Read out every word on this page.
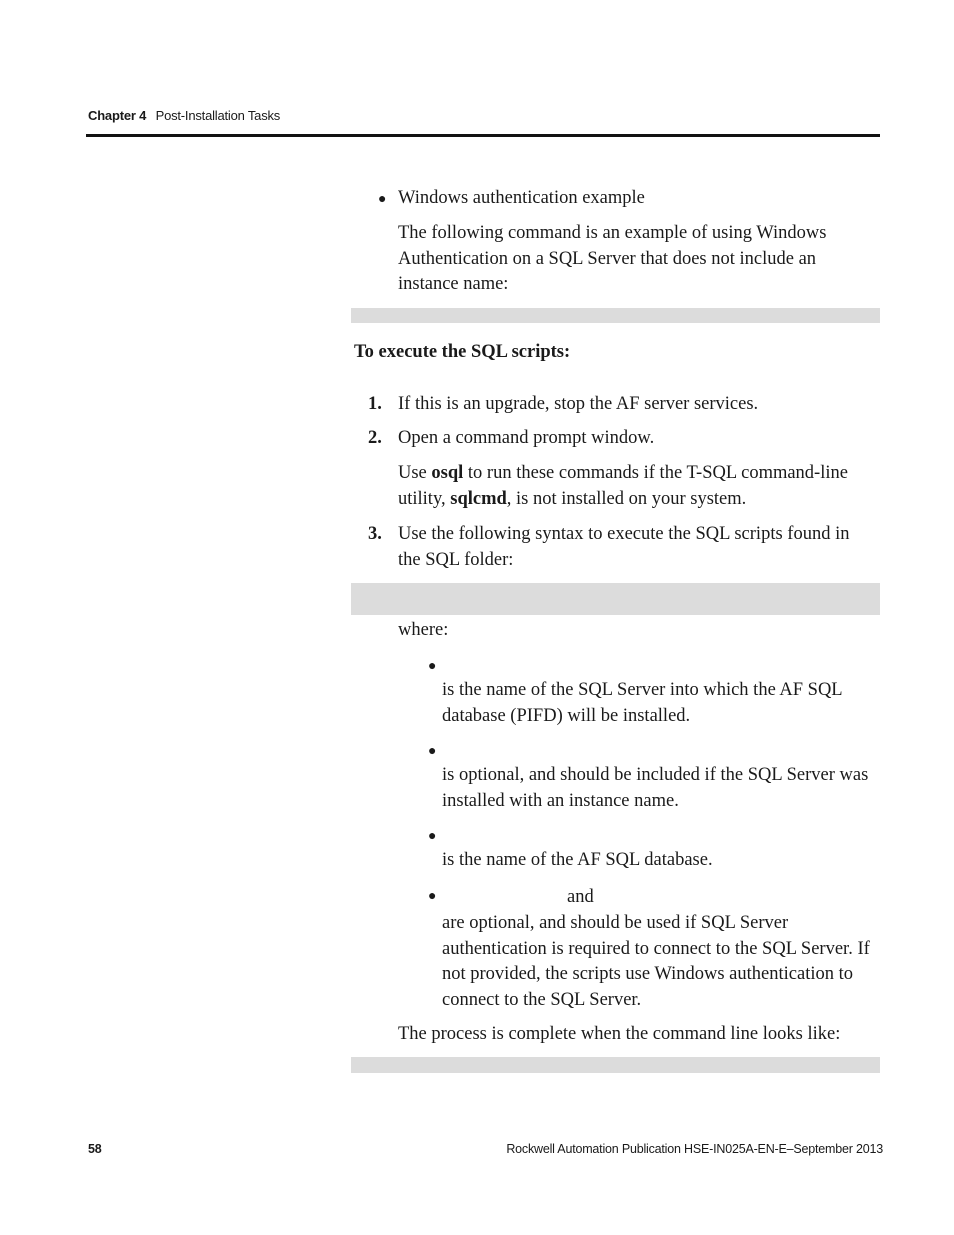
Chapter 4 Post-Installation Tasks
● Windows authentication example
The following command is an example of using Windows Authentication on a SQL Server that does not include an instance name:
To execute the SQL scripts:
1. If this is an upgrade, stop the AF server services.
2. Open a command prompt window.
Use osql to run these commands if the T-SQL command-line utility, sqlcmd, is not installed on your system.
3. Use the following syntax to execute the SQL scripts found in the SQL folder:
where:
●
is the name of the SQL Server into which the AF SQL database (PIFD) will be installed.
●
is optional, and should be included if the SQL Server was installed with an instance name.
●
is the name of the AF SQL database.
●	and
are optional, and should be used if SQL Server authentication is required to connect to the SQL Server. If not provided, the scripts use Windows authentication to connect to the SQL Server.
The process is complete when the command line looks like:
58	Rockwell Automation Publication HSE-IN025A-EN-E–September 2013
